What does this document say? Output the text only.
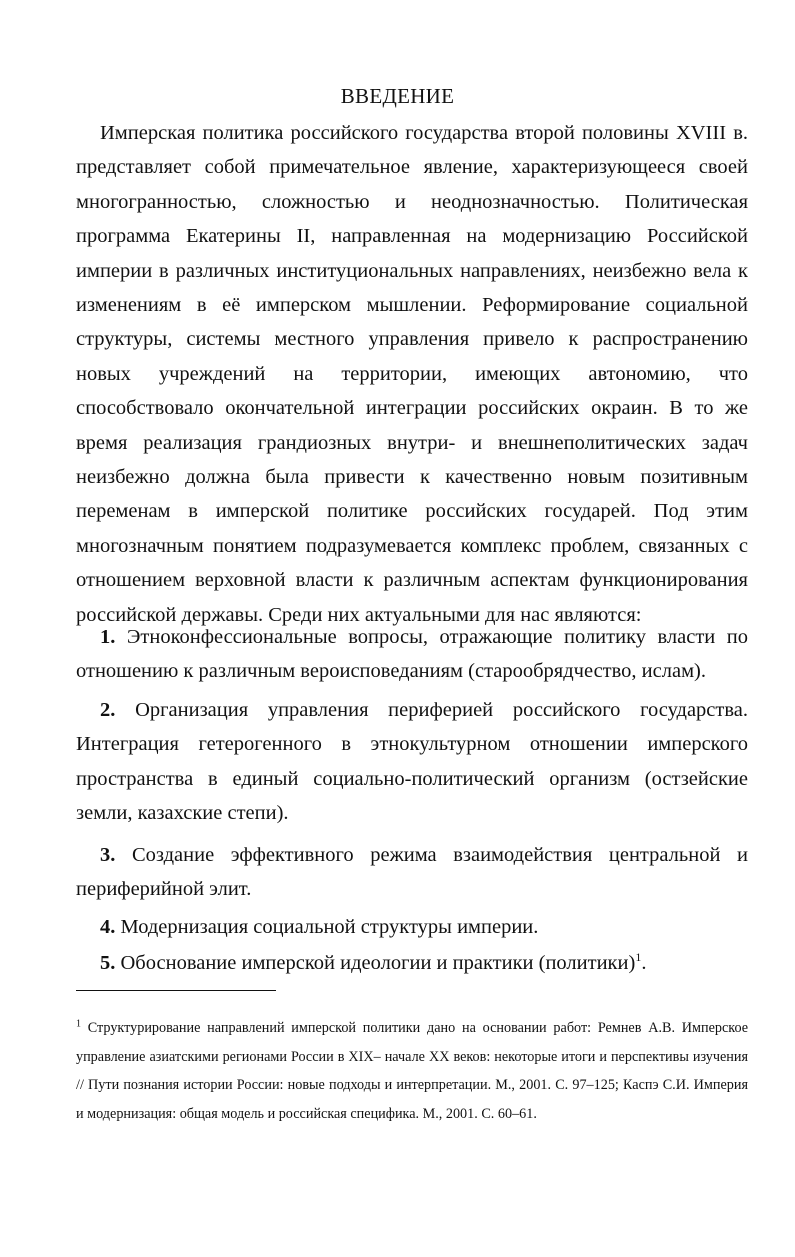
ВВЕДЕНИЕ

Имперская политика российского государства второй половины XVIII в. представляет собой примечательное явление, характеризующееся своей многогранностью, сложностью и неоднозначностью. Политическая программа Екатерины II, направленная на модернизацию Российской империи в различных институциональных направлениях, неизбежно вела к изменениям в её имперском мышлении. Реформирование социальной структуры, системы местного управления привело к распространению новых учреждений на территории, имеющих автономию, что способствовало окончательной интеграции российских окраин. В то же время реализация грандиозных внутри- и внешнеполитических задач неизбежно должна была привести к качественно новым позитивным переменам в имперской политике российских государей. Под этим многозначным понятием подразумевается комплекс проблем, связанных с отношением верховной власти к различным аспектам функционирования российской державы. Среди них актуальными для нас являются:

1. Этноконфессиональные вопросы, отражающие политику власти по отношению к различным вероисповеданиям (старообрядчество, ислам).

2. Организация управления периферией российского государства. Интеграция гетерогенного в этнокультурном отношении имперского пространства в единый социально-политический организм (остзейские земли, казахские степи).

3. Создание эффективного режима взаимодействия центральной и периферийной элит.

4. Модернизация социальной структуры империи.

5. Обоснование имперской идеологии и практики (политики)$^1$.

$^1$ Структурирование направлений имперской политики дано на основании работ: Ремнев А.В. Имперское управление азиатскими регионами России в XIX– начале XX веков: некоторые итоги и перспективы изучения // Пути познания истории России: новые подходы и интерпретации. М., 2001. С. 97–125; Каспэ С.И. Империя и модернизация: общая модель и российская специфика. М., 2001. С. 60–61.
